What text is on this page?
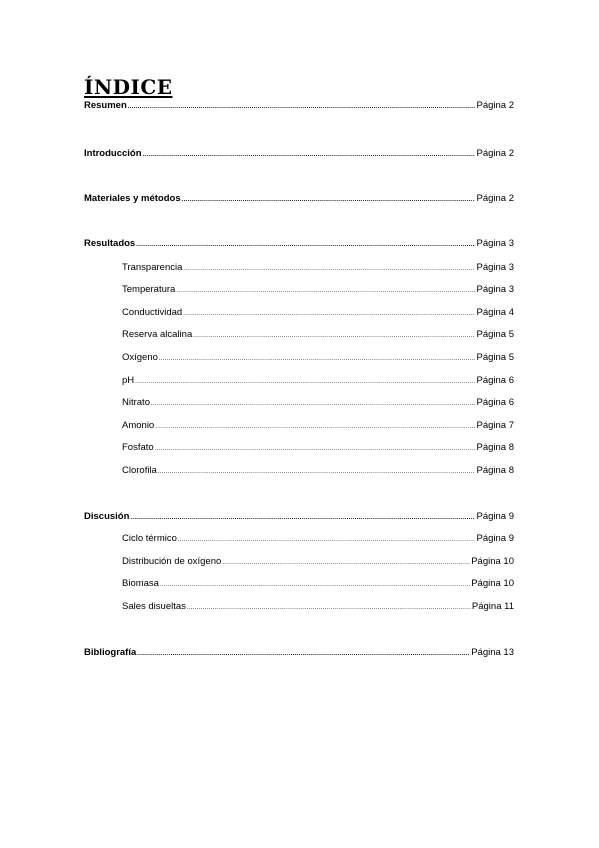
ÍNDICE
Resumen .....	Página 2
Introducción .....	Página 2
Materiales y métodos .....	Página 2
Resultados .....	Página 3
Transparencia .....	Página 3
Temperatura .....	Página 3
Conductividad .....	Página 4
Reserva alcalina .....	Página 5
Oxígeno .....	Página 5
pH .....	Página 6
Nitrato .....	Página 6
Amonio .....	Página 7
Fosfato .....	Página 8
Clorofila .....	Página 8
Discusión .....	Página 9
Ciclo térmico .....	Página 9
Distribución de oxígeno .....	Página 10
Biomasa .....	Página 10
Sales disueltas .....	Página 11
Bibliografía .....	Página 13
